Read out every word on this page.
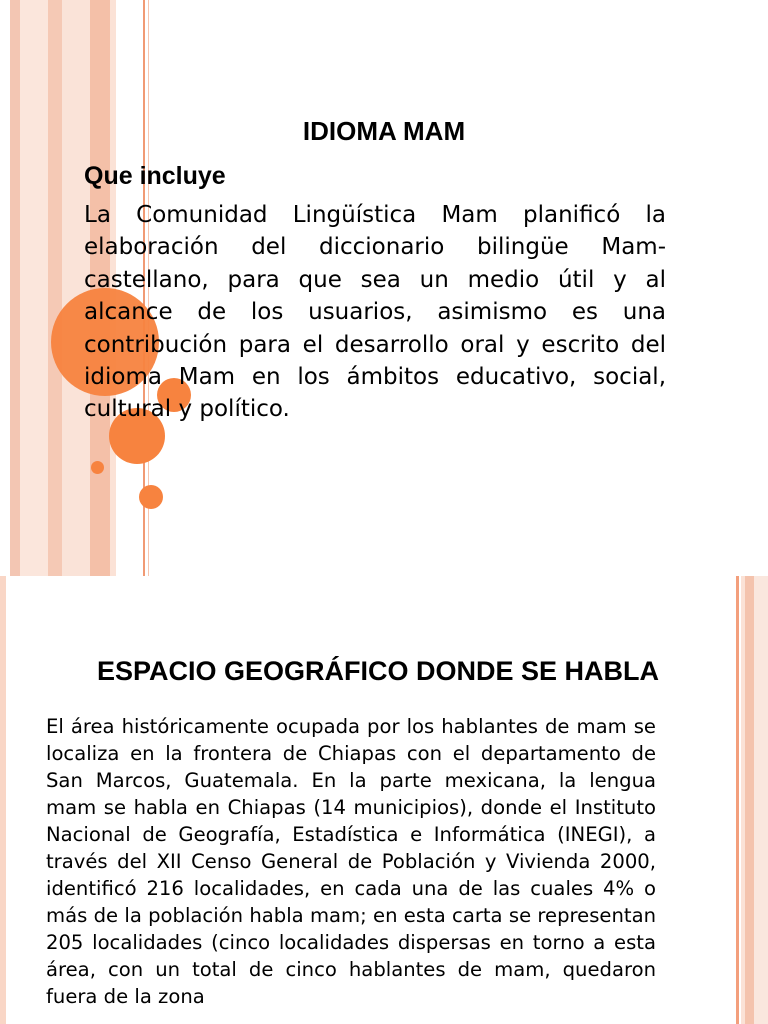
IDIOMA MAM
Que incluye

La Comunidad Lingüística Mam planificó la elaboración del diccionario bilingüe Mam-castellano, para que sea un medio útil y al alcance de los usuarios, asimismo es una contribución para el desarrollo oral y escrito del idioma Mam en los ámbitos educativo, social, cultural y político.

ESPACIO GEOGRÁFICO DONDE SE HABLA

El área históricamente ocupada por los hablantes de mam se localiza en la frontera de Chiapas con el departamento de San Marcos, Guatemala. En la parte mexicana, la lengua mam se habla en Chiapas (14 municipios), donde el Instituto Nacional de Geografía, Estadística e Informática (INEGI), a través del XII Censo General de Población y Vivienda 2000, identificó 216 localidades, en cada una de las cuales 4% o más de la población habla mam; en esta carta se representan 205 localidades (cinco localidades dispersas en torno a esta área, con un total de cinco hablantes de mam, quedaron fuera de la zona
